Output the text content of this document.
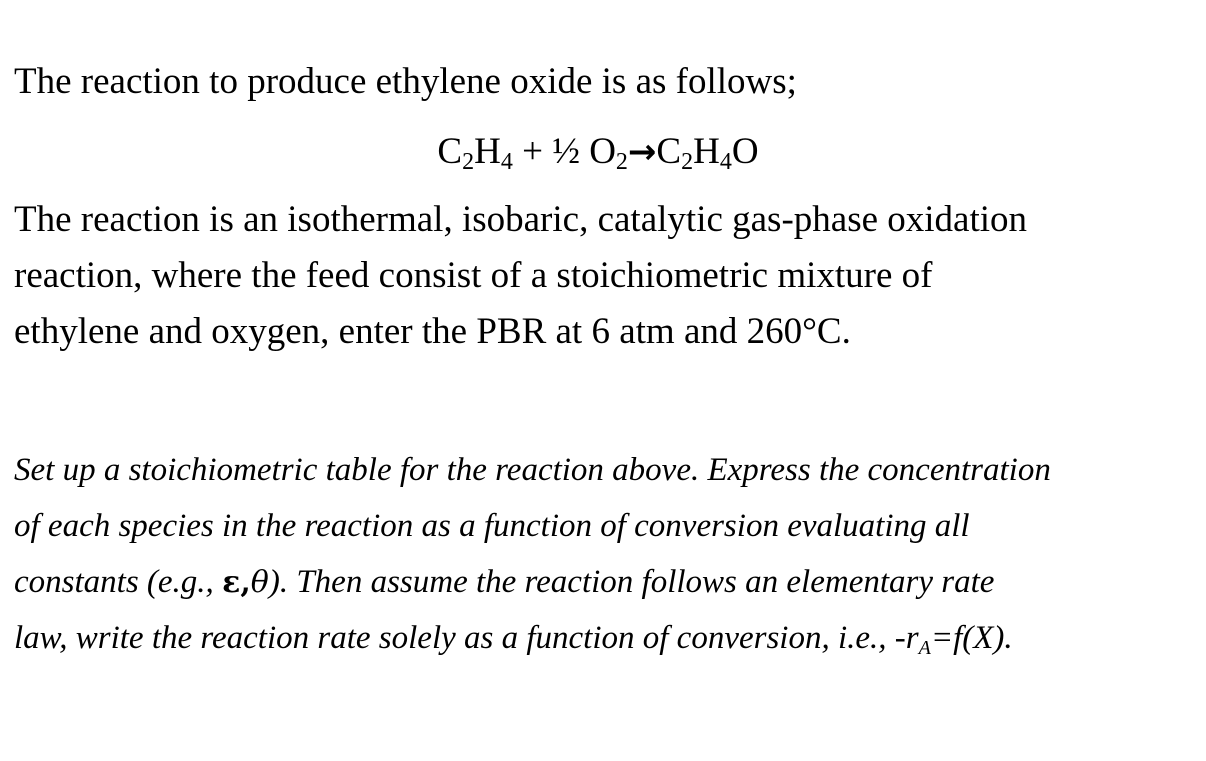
The reaction to produce ethylene oxide is as follows;
$C_2H_4$ + ½ $O_2\to C_2H_4O$
The reaction is an isothermal, isobaric, catalytic gas-phase oxidation
reaction, where the feed consist of a stoichiometric mixture of
ethylene and oxygen, enter the PBR at 6 atm and 260°C.
Set up a stoichiometric table for the reaction above. Express the concentration
of each species in the reaction as a function of conversion evaluating all
constants (e.g., ε,θ). Then assume the reaction follows an elementary rate
law, write the reaction rate solely as a function of conversion, i.e., $-r_A=f(X)$.
